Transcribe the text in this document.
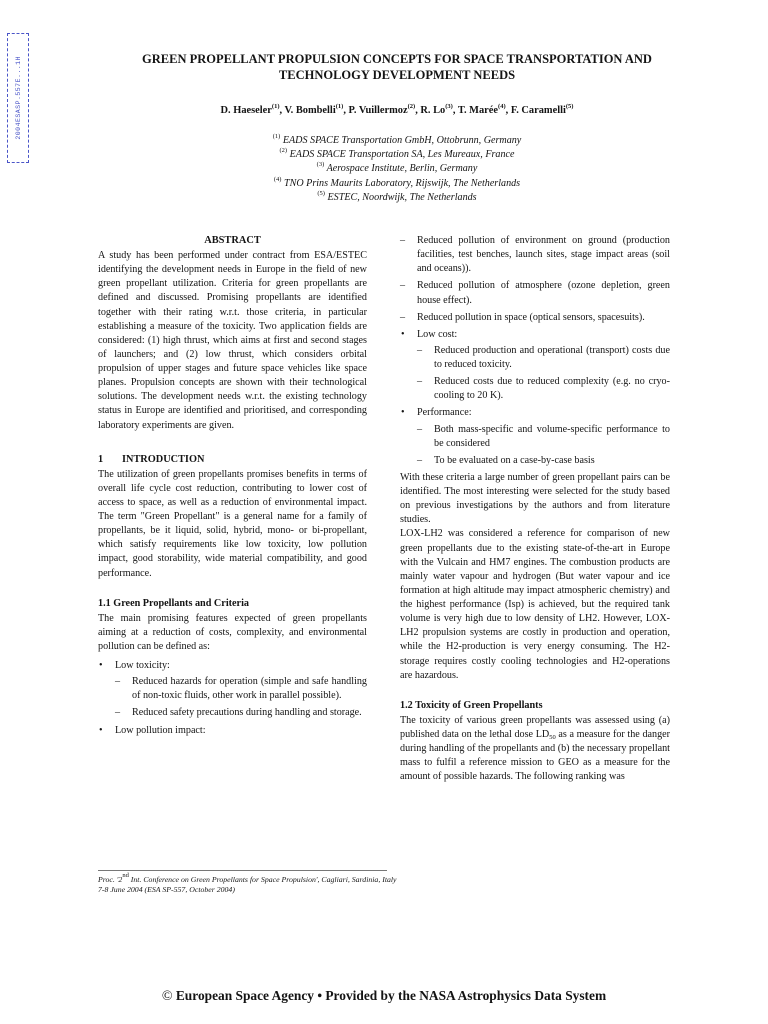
2004ESASP.557E...1H	GREEN PROPELLANT PROPULSION CONCEPTS FOR SPACE TRANSPORTATION AND TECHNOLOGY DEVELOPMENT NEEDS
D. Haeseler$^{(1)}$, V. Bombelli$^{(1)}$, P. Vuillermoz$^{(2)}$, R. Lo$^{(3)}$, T. Marée$^{(4)}$, F. Caramelli$^{(5)}$
$^{(1)}$ EADS SPACE Transportation GmbH, Ottobrunn, Germany
$^{(2)}$ EADS SPACE Transportation SA, Les Mureaux, France
$^{(3)}$ Aerospace Institute, Berlin, Germany
$^{(4)}$ TNO Prins Maurits Laboratory, Rijswijk, The Netherlands
$^{(5)}$ ESTEC, Noordwijk, The Netherlands
ABSTRACT

A study has been performed under contract from ESA/ESTEC identifying the development needs in Europe in the field of new green propellant utilization. Criteria for green propellants are defined and discussed. Promising propellants are identified together with their rating w.r.t. those criteria, in particular establishing a measure of the toxicity. Two application fields are considered: (1) high thrust, which aims at first and second stages of launchers; and (2) low thrust, which considers orbital propulsion of upper stages and future space vehicles like space planes. Propulsion concepts are shown with their technological solutions. The development needs w.r.t. the existing technology status in Europe are identified and prioritised, and corresponding laboratory experiments are given.

1 INTRODUCTION

The utilization of green propellants promises benefits in terms of overall life cycle cost reduction, contributing to lower cost of access to space, as well as a reduction of environmental impact. The term "Green Propellant" is a general name for a family of propellants, be it liquid, solid, hybrid, mono- or bi-propellant, which satisfy requirements like low toxicity, low pollution impact, good storability, wide material compatibility, and good performance.

1.1 Green Propellants and Criteria

The main promising features expected of green propellants aiming at a reduction of costs, complexity, and environmental pollution can be defined as:

• Low toxicity:
– Reduced hazards for operation (simple and safe handling of non-toxic fluids, other work in parallel possible).
– Reduced safety precautions during handling and storage.
• Low pollution impact:
– Reduced pollution of environment on ground (production facilities, test benches, launch sites, stage impact areas (soil and oceans)).
– Reduced pollution of atmosphere (ozone depletion, green house effect).
– Reduced pollution in space (optical sensors, spacesuits).
• Low cost:
– Reduced production and operational (transport) costs due to reduced toxicity.
– Reduced costs due to reduced complexity (e.g. no cryo-cooling to 20 K).
• Performance:
– Both mass-specific and volume-specific performance to be considered
– To be evaluated on a case-by-case basis

With these criteria a large number of green propellant pairs can be identified. The most interesting were selected for the study based on previous investigations by the authors and from literature studies.

LOX-LH2 was considered a reference for comparison of new green propellants due to the existing state-of-the-art in Europe with the Vulcain and HM7 engines. The combustion products are mainly water vapour and hydrogen (But water vapour and ice formation at high altitude may impact atmospheric chemistry) and the highest performance (Isp) is achieved, but the required tank volume is very high due to low density of LH2. However, LOX-LH2 propulsion systems are costly in production and operation, while the H2-production is very energy consuming. The H2-storage requires costly cooling technologies and H2-operations are hazardous.

1.2 Toxicity of Green Propellants

The toxicity of various green propellants was assessed using (a) published data on the lethal dose $LD_{50}$ as a measure for the danger during handling of the propellants and (b) the necessary propellant mass to fulfil a reference mission to GEO as a measure for the amount of possible hazards. The following ranking was

Proc. '2nd Int. Conference on Green Propellants for Space Propulsion', Cagliari, Sardinia, Italy
7-8 June 2004 (ESA SP-557, October 2004)
© European Space Agency • Provided by the NASA Astrophysics Data System
